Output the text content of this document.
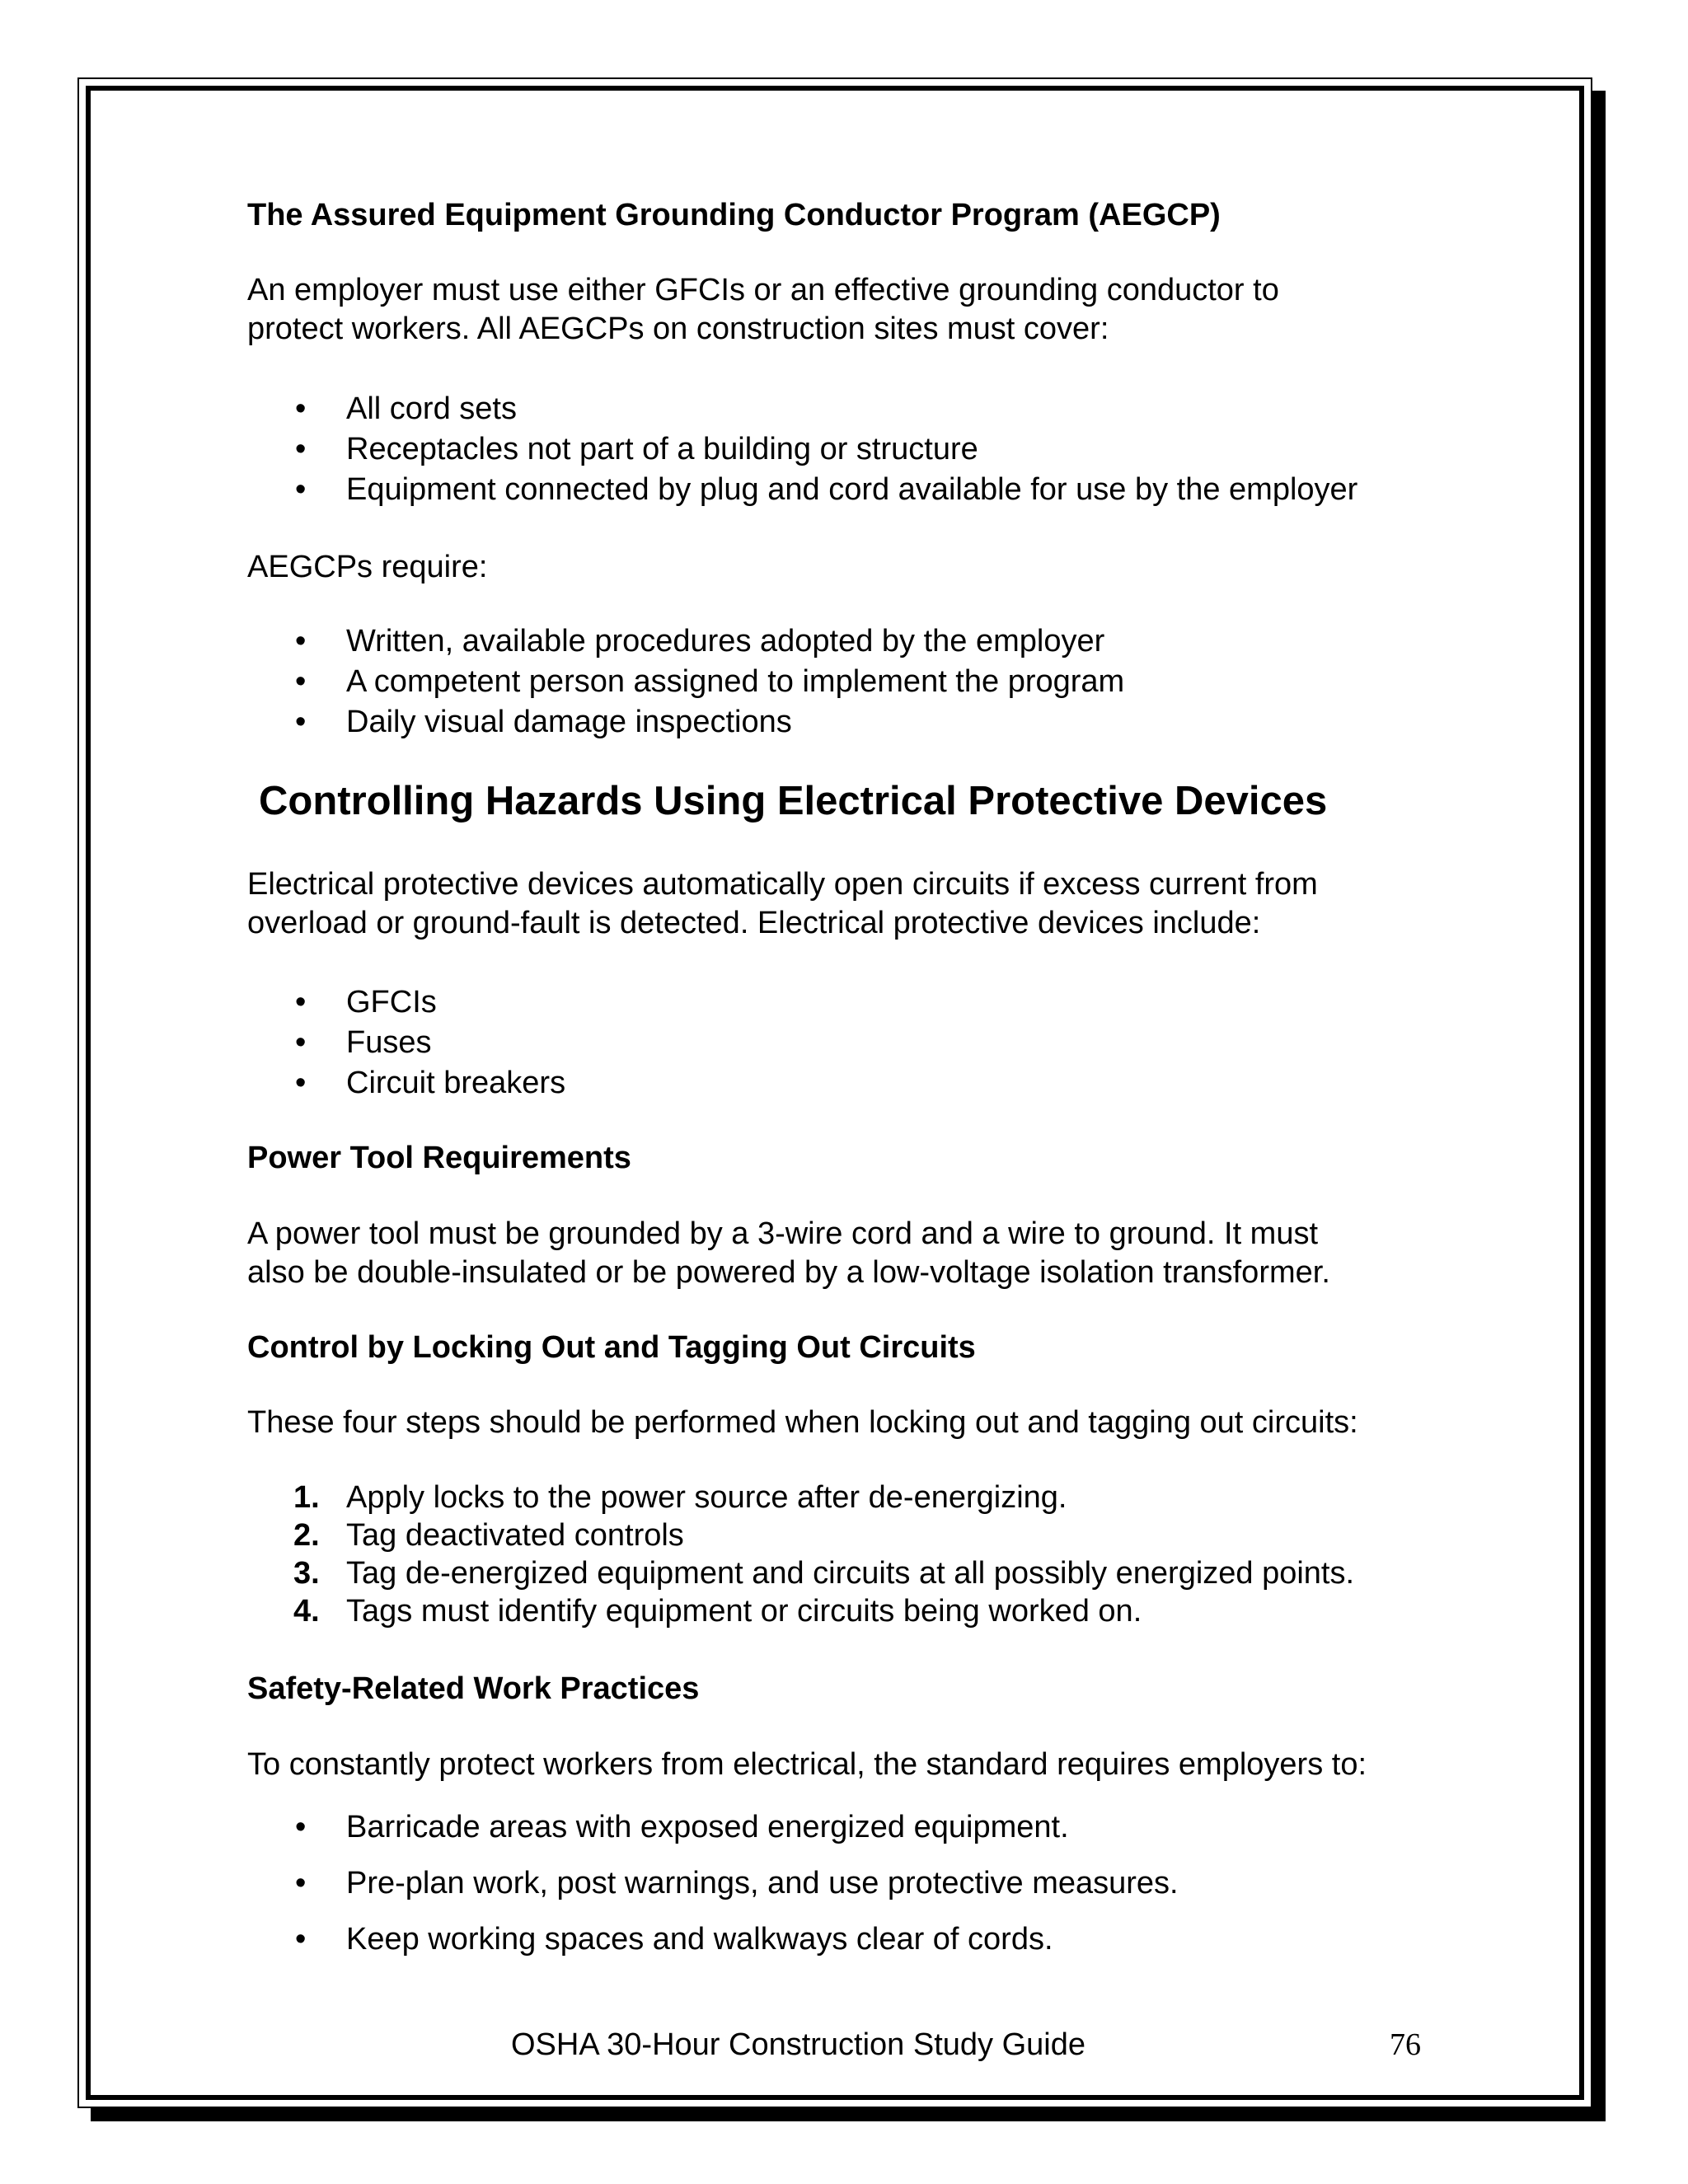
The Assured Equipment Grounding Conductor Program (AEGCP)
An employer must use either GFCIs or an effective grounding conductor to
protect workers. All AEGCPs on construction sites must cover:
• All cord sets
• Receptacles not part of a building or structure
• Equipment connected by plug and cord available for use by the employer
AEGCPs require:
• Written, available procedures adopted by the employer
• A competent person assigned to implement the program
• Daily visual damage inspections
Controlling Hazards Using Electrical Protective Devices
Electrical protective devices automatically open circuits if excess current from
overload or ground-fault is detected. Electrical protective devices include:
• GFCIs
• Fuses
• Circuit breakers
Power Tool Requirements
A power tool must be grounded by a 3-wire cord and a wire to ground. It must
also be double-insulated or be powered by a low-voltage isolation transformer.
Control by Locking Out and Tagging Out Circuits
These four steps should be performed when locking out and tagging out circuits:
1. Apply locks to the power source after de-energizing.
2. Tag deactivated controls
3. Tag de-energized equipment and circuits at all possibly energized points.
4. Tags must identify equipment or circuits being worked on.
Safety-Related Work Practices
To constantly protect workers from electrical, the standard requires employers to:
• Barricade areas with exposed energized equipment.
• Pre-plan work, post warnings, and use protective measures.
• Keep working spaces and walkways clear of cords.
OSHA 30-Hour Construction Study Guide	76
